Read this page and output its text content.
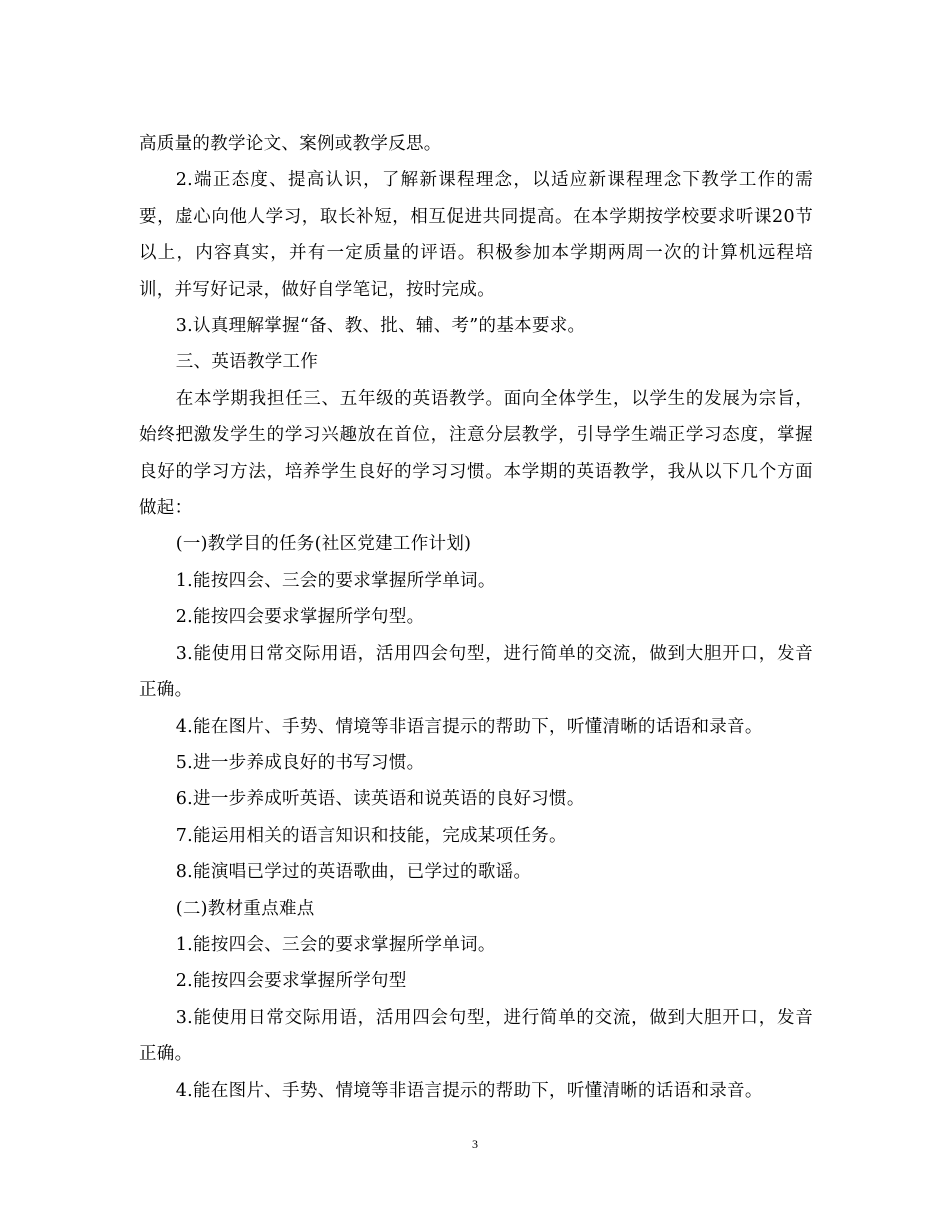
高质量的教学论文、案例或教学反思。

2.端正态度、提高认识，了解新课程理念，以适应新课程理念下教学工作的需要，虚心向他人学习，取长补短，相互促进共同提高。在本学期按学校要求听课20节以上，内容真实，并有一定质量的评语。积极参加本学期两周一次的计算机远程培训，并写好记录，做好自学笔记，按时完成。

3.认真理解掌握“备、教、批、辅、考”的基本要求。

三、英语教学工作

在本学期我担任三、五年级的英语教学。面向全体学生，以学生的发展为宗旨，始终把激发学生的学习兴趣放在首位，注意分层教学，引导学生端正学习态度，掌握良好的学习方法，培养学生良好的学习习惯。本学期的英语教学，我从以下几个方面做起：

(一)教学目的任务(社区党建工作计划)

1.能按四会、三会的要求掌握所学单词。

2.能按四会要求掌握所学句型。

3.能使用日常交际用语，活用四会句型，进行简单的交流，做到大胆开口，发音正确。

4.能在图片、手势、情境等非语言提示的帮助下，听懂清晰的话语和录音。

5.进一步养成良好的书写习惯。

6.进一步养成听英语、读英语和说英语的良好习惯。

7.能运用相关的语言知识和技能，完成某项任务。

8.能演唱已学过的英语歌曲，已学过的歌谣。

(二)教材重点难点

1.能按四会、三会的要求掌握所学单词。

2.能按四会要求掌握所学句型

3.能使用日常交际用语，活用四会句型，进行简单的交流，做到大胆开口，发音正确。

4.能在图片、手势、情境等非语言提示的帮助下，听懂清晰的话语和录音。

3
